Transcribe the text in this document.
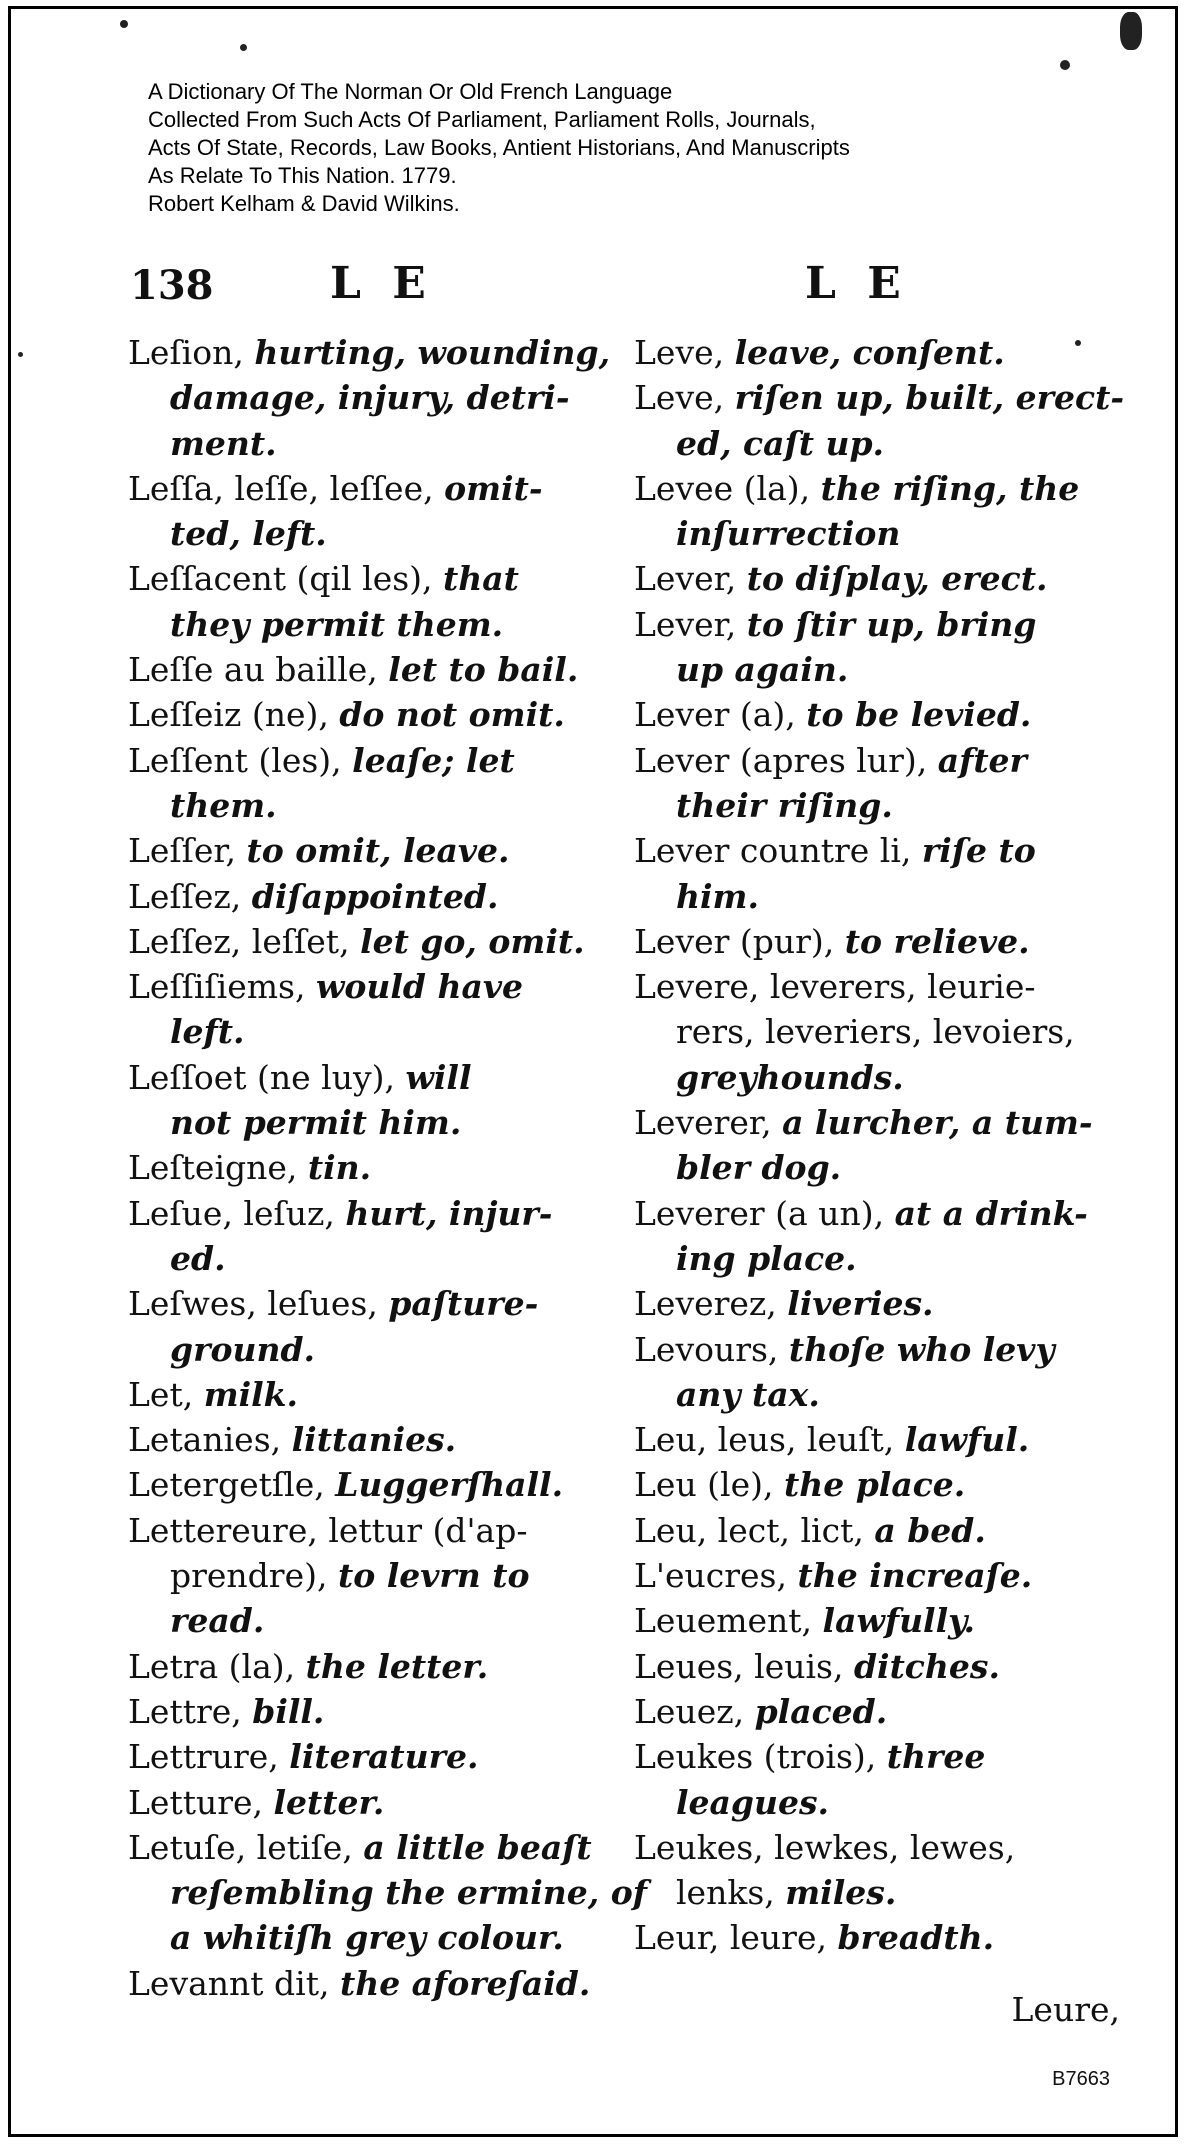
A Dictionary Of The Norman Or Old French Language
Collected From Such Acts Of Parliament, Parliament Rolls, Journals,
Acts Of State, Records, Law Books, Antient Historians, And Manuscripts
As Relate To This Nation. 1779.
Robert Kelham & David Wilkins.
138	L E	L E
Leſion, hurting, wounding,
damage, injury, detri-
ment.
Leſſa, leſſe, leſſee, omit-
ted, left.
Leſſacent (qil les), that
they permit them.
Leſſe au baille, let to bail.
Leſſeiz (ne), do not omit.
Leſſent (les), leaſe; let
them.
Leſſer, to omit, leave.
Leſſez, diſappointed.
Leſſez, leſſet, let go, omit.
Leſſiſiems, would have
left.
Leſſoet (ne luy), will
not permit him.
Leſteigne, tin.
Leſue, leſuz, hurt, injur-
ed.
Leſwes, leſues, paſture-
ground.
Let, milk.
Letanies, littanies.
Letergetſle, Luggerſhall.
Lettereure, lettur (d'ap-
prendre), to levrn to
read.
Letra (la), the letter.
Lettre, bill.
Lettrure, literature.
Letture, letter.
Letuſe, letiſe, a little beaſt
reſembling the ermine, of
a whitiſh grey colour.
Levannt dit, the aforeſaid.
Leve, leave, conſent.
Leve, riſen up, built, erect-
ed, caſt up.
Levee (la), the riſing, the
inſurrection
Lever, to diſplay, erect.
Lever, to ſtir up, bring
up again.
Lever (a), to be levied.
Lever (apres lur), after
their riſing.
Lever countre li, riſe to
him.
Lever (pur), to relieve.
Levere, leverers, leurie-
rers, leveriers, levoiers,
greyhounds.
Leverer, a lurcher, a tum-
bler dog.
Leverer (a un), at a drink-
ing place.
Leverez, liveries.
Levours, thoſe who levy
any tax.
Leu, leus, leuſt, lawful.
Leu (le), the place.
Leu, lect, lict, a bed.
L'eucres, the increaſe.
Leuement, lawfully.
Leues, leuis, ditches.
Leuez, placed.
Leukes (trois), three
leagues.
Leukes, lewkes, lewes,
lenks, miles.
Leur, leure, breadth.
Leure,
B7663
